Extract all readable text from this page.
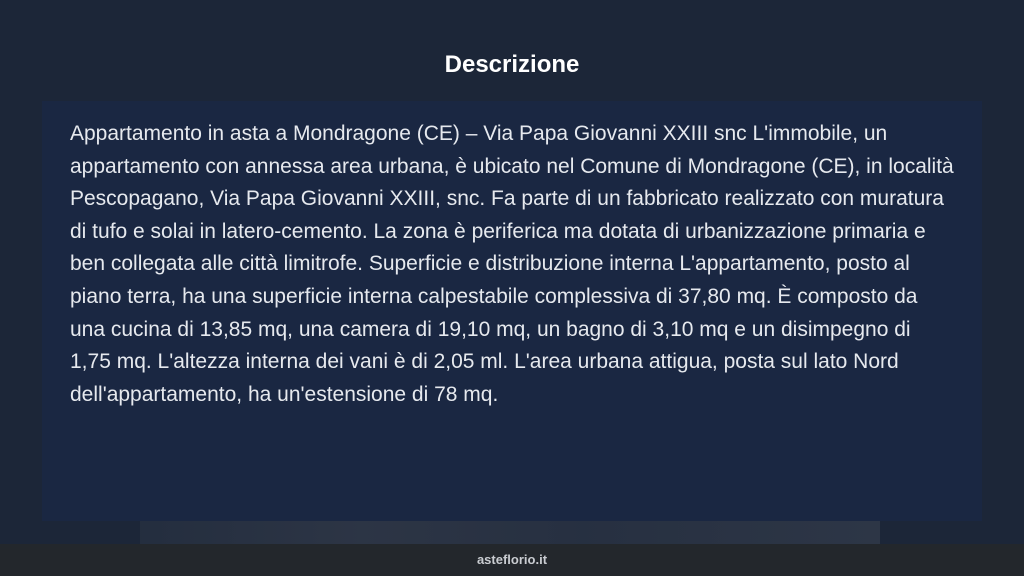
Descrizione

Appartamento in asta a Mondragone (CE) – Via Papa Giovanni XXIII snc L'immobile, un appartamento con annessa area urbana, è ubicato nel Comune di Mondragone (CE), in località Pescopagano, Via Papa Giovanni XXIII, snc. Fa parte di un fabbricato realizzato con muratura di tufo e solai in latero-cemento. La zona è periferica ma dotata di urbanizzazione primaria e ben collegata alle città limitrofe. Superficie e distribuzione interna L'appartamento, posto al piano terra, ha una superficie interna calpestabile complessiva di 37,80 mq. È composto da una cucina di 13,85 mq, una camera di 19,10 mq, un bagno di 3,10 mq e un disimpegno di 1,75 mq. L'altezza interna dei vani è di 2,05 ml. L'area urbana attigua, posta sul lato Nord dell'appartamento, ha un'estensione di 78 mq.

asteflorio.it
